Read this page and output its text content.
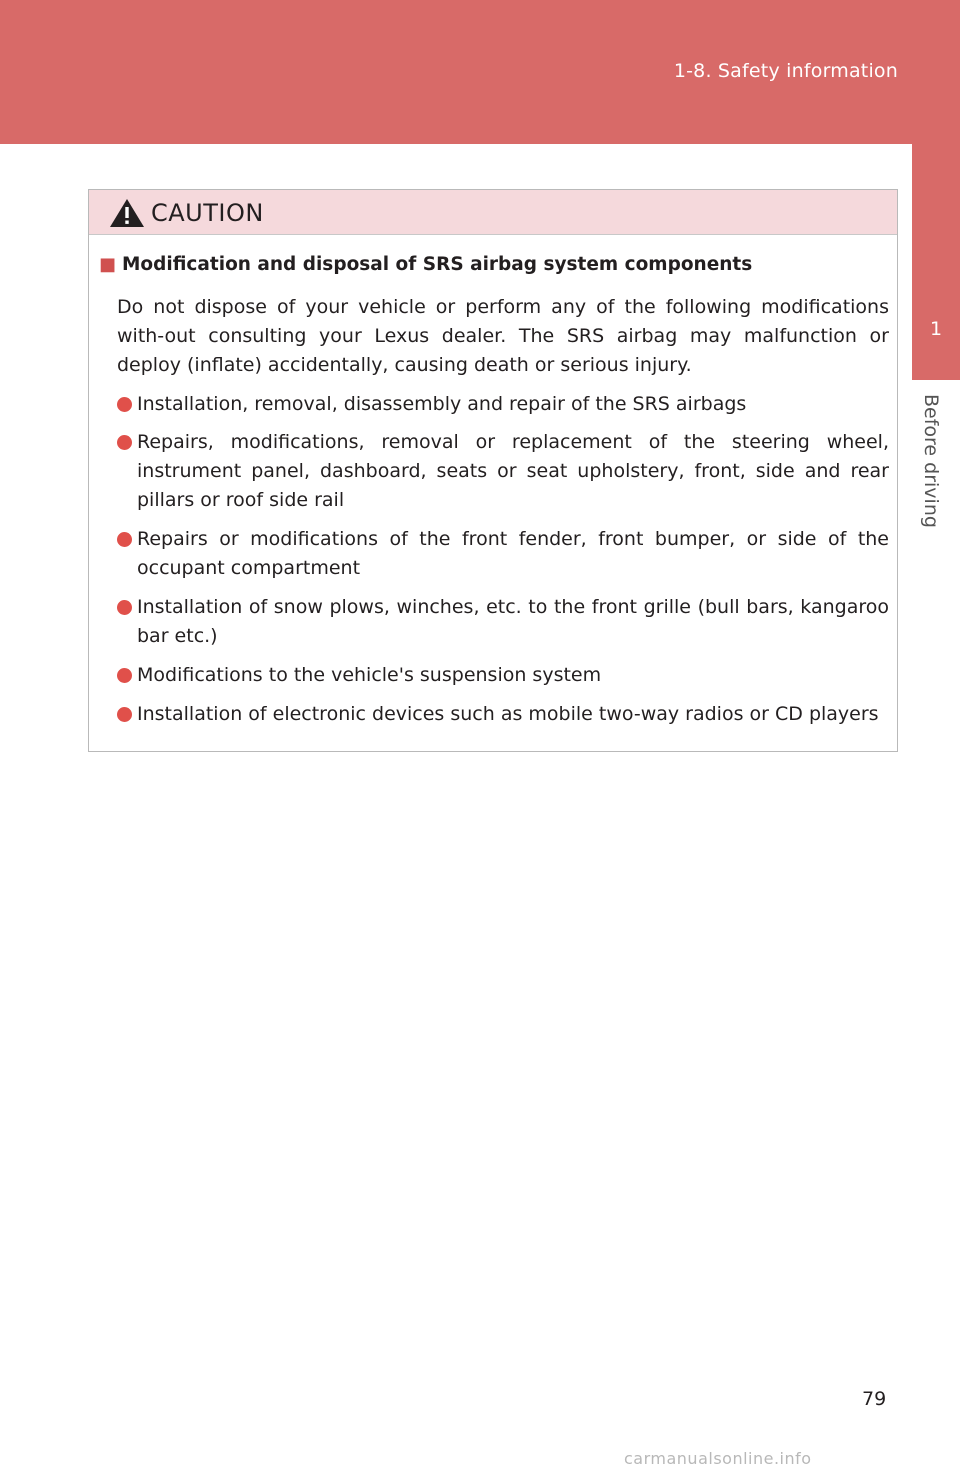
1-8. Safety information
1
Before driving
CAUTION
■ Modification and disposal of SRS airbag system components
Do not dispose of your vehicle or perform any of the following modifications with-out consulting your Lexus dealer. The SRS airbag may malfunction or deploy (inflate) accidentally, causing death or serious injury.
Installation, removal, disassembly and repair of the SRS airbags
Repairs, modifications, removal or replacement of the steering wheel, instrument panel, dashboard, seats or seat upholstery, front, side and rear pillars or roof side rail
Repairs or modifications of the front fender, front bumper, or side of the occupant compartment
Installation of snow plows, winches, etc. to the front grille (bull bars, kangaroo bar etc.)
Modifications to the vehicle's suspension system
Installation of electronic devices such as mobile two-way radios or CD players
79
carmanualsonline.info
